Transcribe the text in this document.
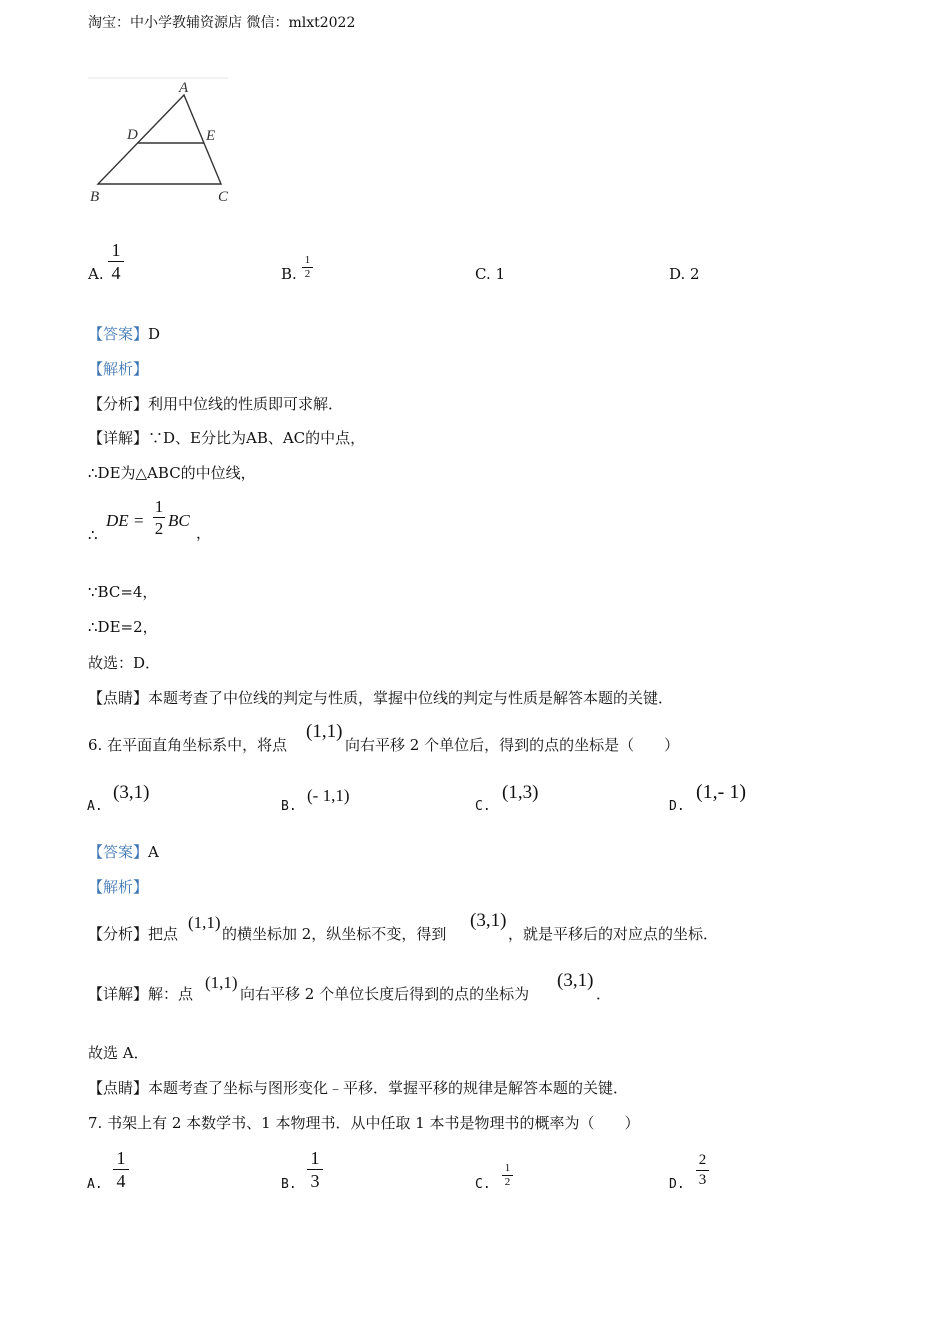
淘宝：中小学教辅资源店 微信：mlxt2022
A
D	E
B	C
A.
1
4	B.
1
2	C. 1	D. 2
【答案】D
【解析】
【分析】利用中位线的性质即可求解．
【详解】∵D、E分比为AB、AC的中点，
∴DE为△ABC的中位线，
∴
DE =
1
2 BC
，
∵BC=4，
∴DE=2，
故选：D．
【点睛】本题考查了中位线的判定与性质，掌握中位线的判定与性质是解答本题的关键．
6. 在平面直角坐标系中，将点
(1,1)
向右平移 2 个单位后，得到的点的坐标是（　　）
A.
(3,1)
B.
(- 1,1)
C.
(1,3)
D.
(1,- 1)
【答案】A
【解析】
【分析】把点
(1,1)
的横坐标加 2，纵坐标不变，得到
(3,1)
，就是平移后的对应点的坐标．
【详解】解：点
(1,1)
向右平移 2 个单位长度后得到的点的坐标为
(3,1)
．
故选 A．
【点睛】本题考查了坐标与图形变化﹣平移．掌握平移的规律是解答本题的关键．
7. 书架上有 2 本数学书、1 本物理书．从中任取 1 本书是物理书的概率为（　　）
A.
1
4	B.
1
3	C.
1
2	D.
2
3
